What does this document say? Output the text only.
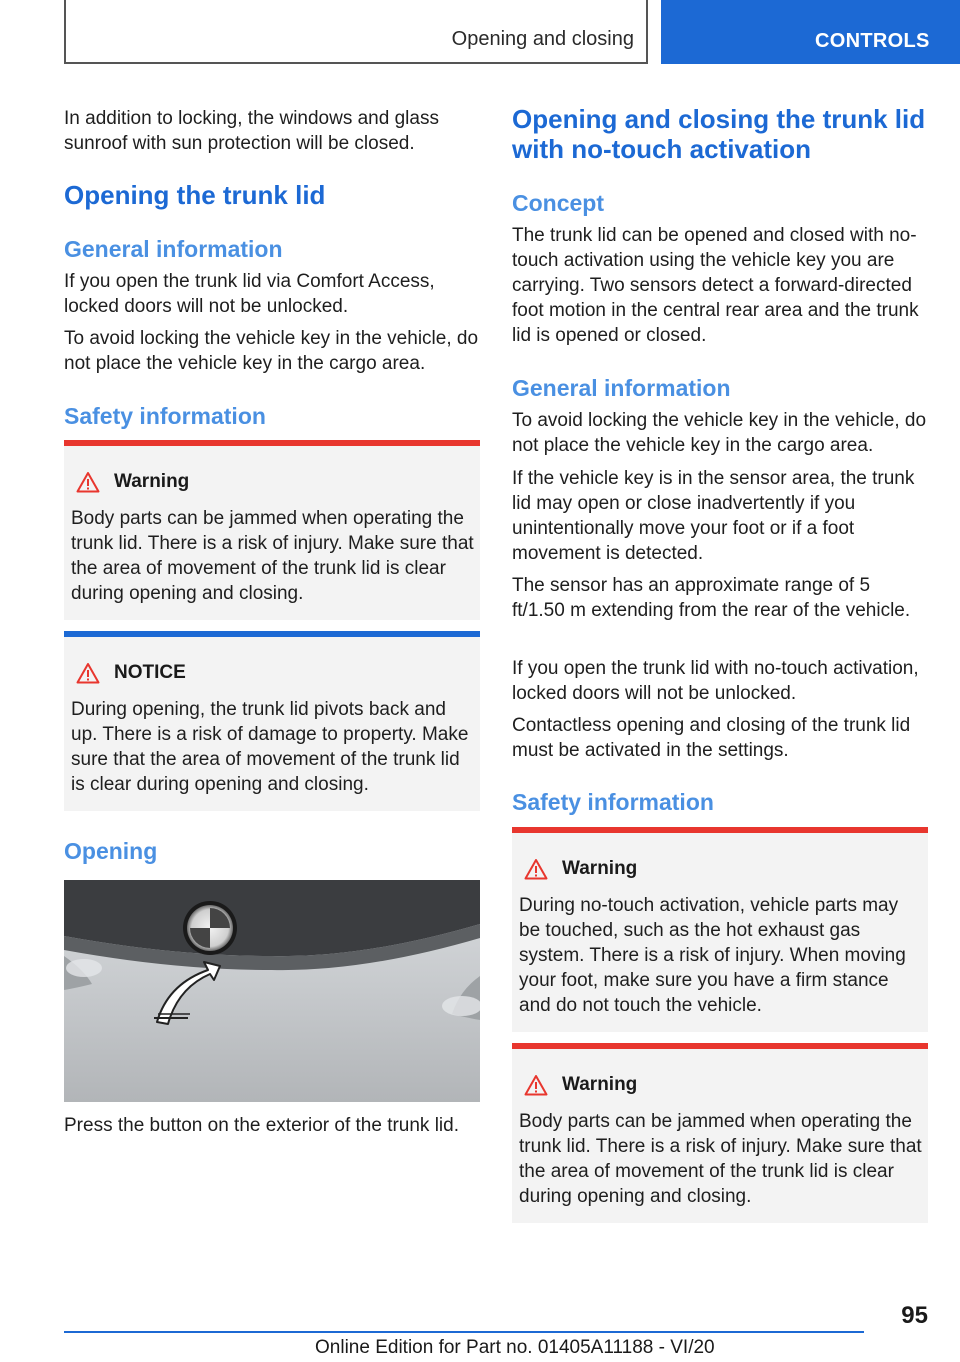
Opening and closing	CONTROLS

In addition to locking, the windows and glass sunroof with sun protection will be closed.

Opening the trunk lid
General information

If you open the trunk lid via Comfort Access, locked doors will not be unlocked.

To avoid locking the vehicle key in the vehicle, do not place the vehicle key in the cargo area.

Safety information
Warning
Body parts can be jammed when operating the trunk lid. There is a risk of injury. Make sure that the area of movement of the trunk lid is clear during opening and closing.
NOTICE
During opening, the trunk lid pivots back and up. There is a risk of damage to property. Make sure that the area of movement of the trunk lid is clear during opening and closing.
Opening

Press the button on the exterior of the trunk lid.

Opening and closing the trunk lid with no-touch activation
Concept

The trunk lid can be opened and closed with no-touch activation using the vehicle key you are carrying. Two sensors detect a forward-directed foot motion in the central rear area and the trunk lid is opened or closed.

General information

To avoid locking the vehicle key in the vehicle, do not place the vehicle key in the cargo area.

If the vehicle key is in the sensor area, the trunk lid may open or close inadvertently if you unintentionally move your foot or if a foot movement is detected.

The sensor has an approximate range of 5 ft/1.50 m extending from the rear of the vehicle.

If you open the trunk lid with no-touch activation, locked doors will not be unlocked.

Contactless opening and closing of the trunk lid must be activated in the settings.

Safety information
Warning
During no-touch activation, vehicle parts may be touched, such as the hot exhaust gas system. There is a risk of injury. When moving your foot, make sure you have a firm stance and do not touch the vehicle.
Warning
Body parts can be jammed when operating the trunk lid. There is a risk of injury. Make sure that the area of movement of the trunk lid is clear during opening and closing.
95
Online Edition for Part no. 01405A11188 - VI/20
